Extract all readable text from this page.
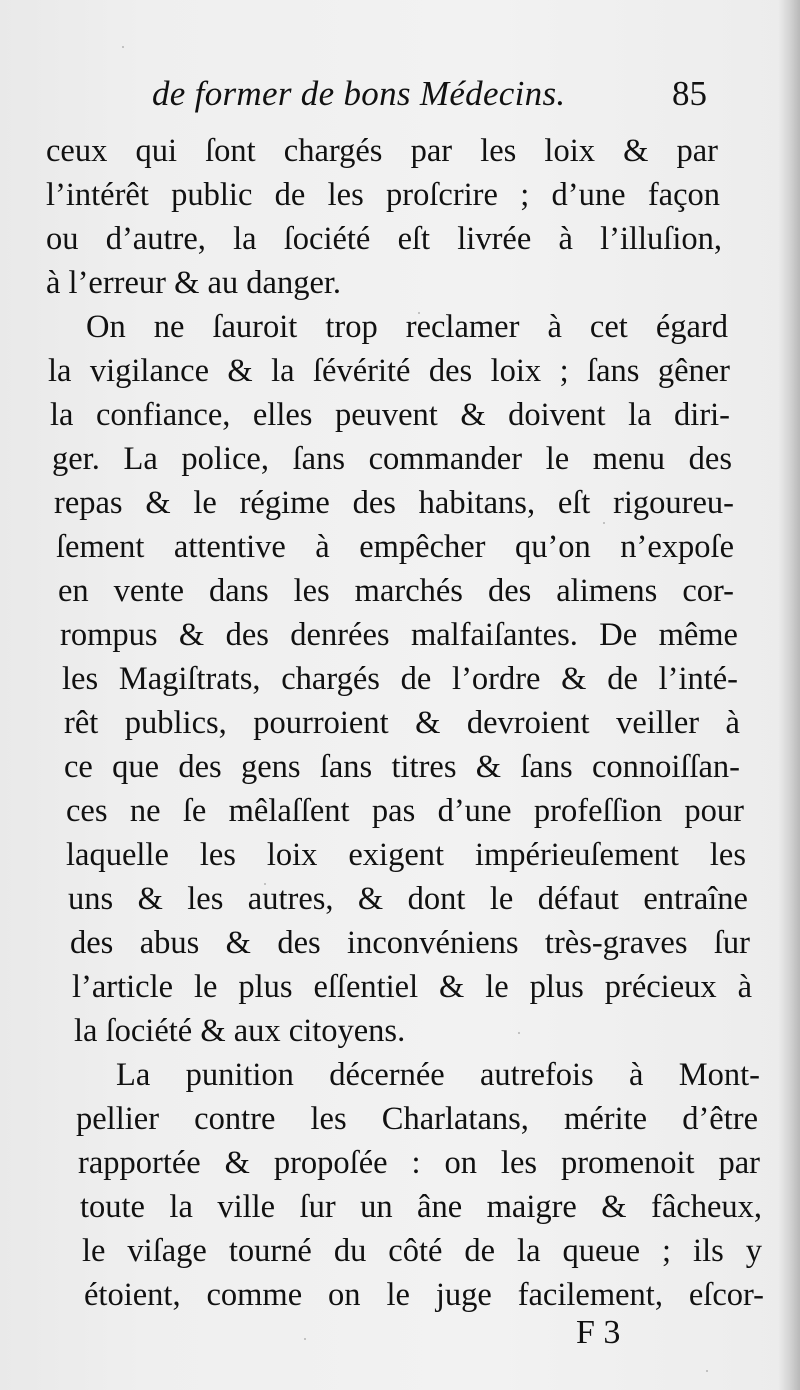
de former de bons Médecins.	85
ceux qui ſont chargés par les loix & par
l’intérêt public de les proſcrire ; d’une façon
ou d’autre, la ſociété eſt livrée à l’illuſion,
à l’erreur & au danger.
On ne ſauroit trop reclamer à cet égard
la vigilance & la ſévérité des loix ; ſans gêner
la confiance, elles peuvent & doivent la diri-
ger. La police, ſans commander le menu des
repas & le régime des habitans, eſt rigoureu-
ſement attentive à empêcher qu’on n’expoſe
en vente dans les marchés des alimens cor-
rompus & des denrées malfaiſantes. De même
les Magiſtrats, chargés de l’ordre & de l’inté-
rêt publics, pourroient & devroient veiller à
ce que des gens ſans titres & ſans connoiſſan-
ces ne ſe mêlaſſent pas d’une profeſſion pour
laquelle les loix exigent impérieuſement les
uns & les autres, & dont le défaut entraîne
des abus & des inconvéniens très-graves ſur
l’article le plus eſſentiel & le plus précieux à
la ſociété & aux citoyens.
La punition décernée autrefois à Mont-
pellier contre les Charlatans, mérite d’être
rapportée & propoſée : on les promenoit par
toute la ville ſur un âne maigre & fâcheux,
le viſage tourné du côté de la queue ; ils y
étoient, comme on le juge facilement, eſcor-
F 3
